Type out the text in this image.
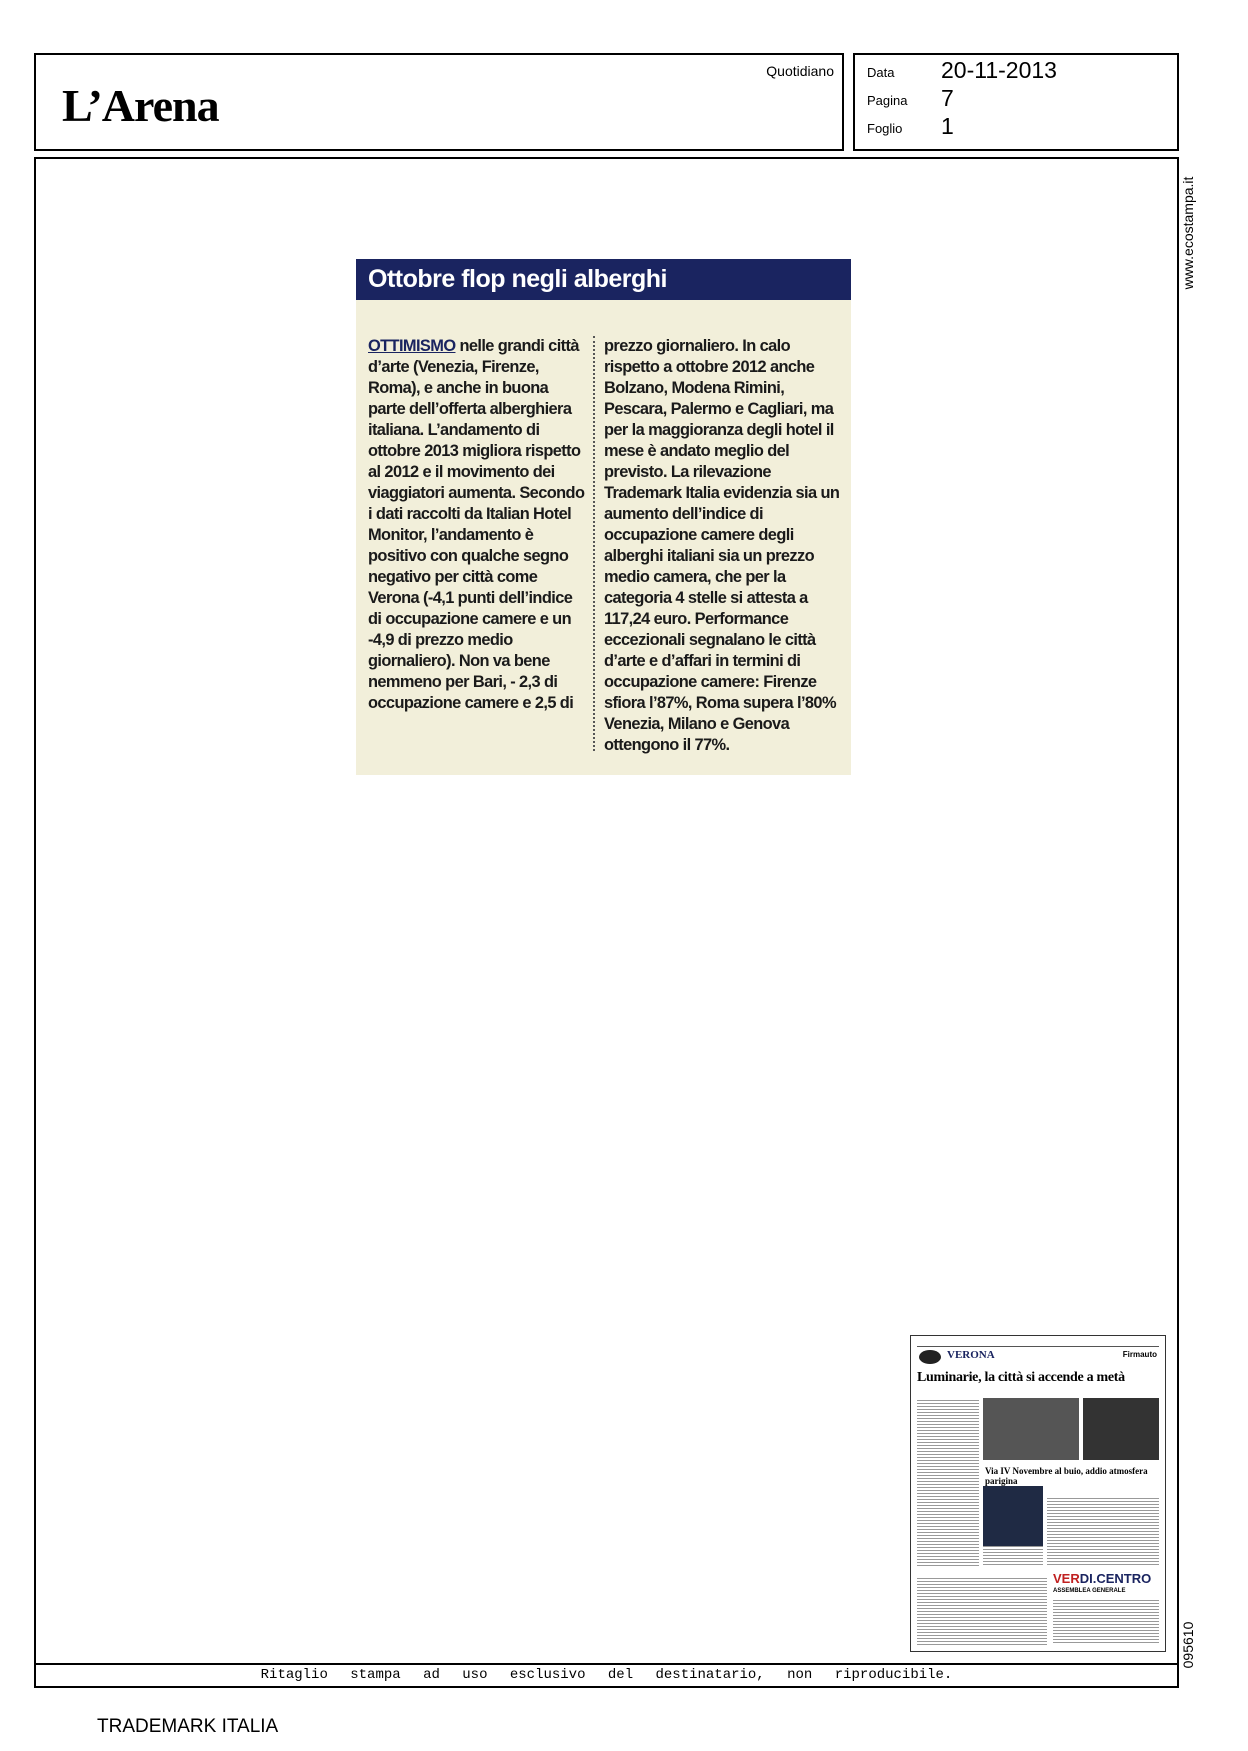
L’Arena
Quotidiano	Data 20-11-2013
Pagina 7
Foglio 1
Ritaglio stampa ad uso esclusivo del destinatario, non riproducibile.
www.ecostampa.it
095610
Ottobre flop negli alberghi
OTTIMISMO nelle grandi città d’arte (Venezia, Firenze, Roma), e anche in buona parte dell’offerta alberghiera italiana. L’andamento di ottobre 2013 migliora rispetto al 2012 e il movimento dei viaggiatori aumenta. Secondo i dati raccolti da Italian Hotel Monitor, l’andamento è positivo con qualche segno negativo per città come Verona (-4,1 punti dell’indice di occupazione camere e un -4,9 di prezzo medio giornaliero). Non va bene nemmeno per Bari, - 2,3 di occupazione camere e 2,5 di
prezzo giornaliero. In calo rispetto a ottobre 2012 anche Bolzano, Modena Rimini, Pescara, Palermo e Cagliari, ma per la maggioranza degli hotel il mese è andato meglio del previsto. La rilevazione Trademark Italia evidenzia sia un aumento dell’indice di occupazione camere degli alberghi italiani sia un prezzo medio camera, che per la categoria 4 stelle si attesta a 117,24 euro. Performance eccezionali segnalano le città d’arte e d’affari in termini di occupazione camere: Firenze sfiora l’87%, Roma supera l’80% Venezia, Milano e Genova ottengono il 77%.
VERONA	Firmauto
Luminarie, la città si accende a metà
Via IV Novembre al buio, addio atmosfera parigina
VERDI.CENTRO
ASSEMBLEA GENERALE
TRADEMARK ITALIA
